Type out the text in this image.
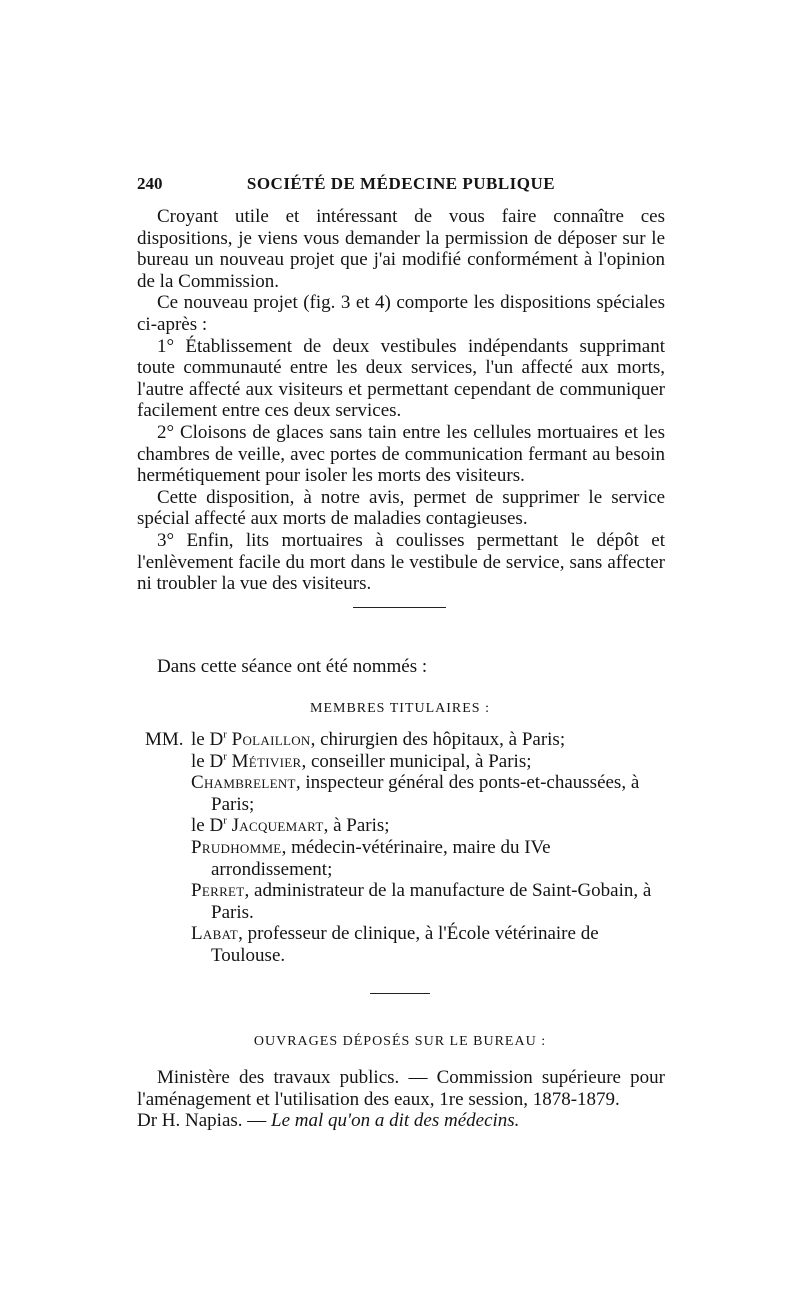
240	SOCIÉTÉ DE MÉDECINE PUBLIQUE

Croyant utile et intéressant de vous faire connaître ces dispositions, je viens vous demander la permission de déposer sur le bureau un nouveau projet que j'ai modifié conformément à l'opinion de la Commission.

Ce nouveau projet (fig. 3 et 4) comporte les dispositions spéciales ci-après :

1° Établissement de deux vestibules indépendants supprimant toute communauté entre les deux services, l'un affecté aux morts, l'autre affecté aux visiteurs et permettant cependant de communiquer facilement entre ces deux services.

2° Cloisons de glaces sans tain entre les cellules mortuaires et les chambres de veille, avec portes de communication fermant au besoin hermétiquement pour isoler les morts des visiteurs.

Cette disposition, à notre avis, permet de supprimer le service spécial affecté aux morts de maladies contagieuses.

3° Enfin, lits mortuaires à coulisses permettant le dépôt et l'enlèvement facile du mort dans le vestibule de service, sans affecter ni troubler la vue des visiteurs.

Dans cette séance ont été nommés :
MEMBRES TITULAIRES :
MM. le $D^r$ Polaillon, chirurgien des hôpitaux, à Paris;
le $D^r$ Métivier, conseiller municipal, à Paris;
Chambrelent, inspecteur général des ponts-et-chaussées, à Paris;
le $D^r$ Jacquemart, à Paris;
Prudhomme, médecin-vétérinaire, maire du IVe arrondissement;
Perret, administrateur de la manufacture de Saint-Gobain, à Paris.
Labat, professeur de clinique, à l'École vétérinaire de Toulouse.
OUVRAGES DÉPOSÉS SUR LE BUREAU :

Ministère des travaux publics. — Commission supérieure pour l'aménagement et l'utilisation des eaux, 1re session, 1878-1879.

Dr H. Napias. — Le mal qu'on a dit des médecins.
